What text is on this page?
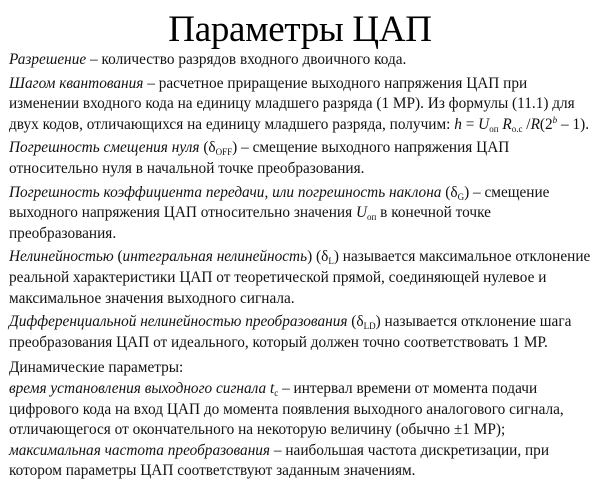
Параметры ЦАП

Разрешение – количество разрядов входного двоичного кода.

Шагом квантования – расчетное приращение выходного напряжения ЦАП при изменении входного кода на единицу младшего разряда (1 МР). Из формулы (11.1) для двух кодов, отличающихся на единицу младшего разряда, получим: $h = U_{оп}$ $R_{о.с}$ /R(2$^b$ – 1).

Погрешность смещения нуля $(\delta_{OFF})$ – смещение выходного напряжения ЦАП относительно нуля в начальной точке преобразования.

Погрешность коэффициента передачи, или погрешность наклона $(\delta_G)$ – смещение выходного напряжения ЦАП относительно значения $U_{оп}$ в конечной точке преобразования.

Нелинейностью (интегральная нелинейность) $(\delta_L)$ называется максимальное отклонение реальной характеристики ЦАП от теоретической прямой, соединяющей нулевое и максимальное значения выходного сигнала.

Дифференциальной нелинейностью преобразования $(\delta_{LD})$ называется отклонение шага преобразования ЦАП от идеального, который должен точно соответствовать 1 МР.

Динамические параметры:

время установления выходного сигнала $t_c$ – интервал времени от момента подачи цифрового кода на вход ЦАП до момента появления выходного аналогового сигнала, отличающегося от окончательного на некоторую величину (обычно ±1 МР);

максимальная частота преобразования – наибольшая частота дискретизации, при котором параметры ЦАП соответствуют заданным значениям.
